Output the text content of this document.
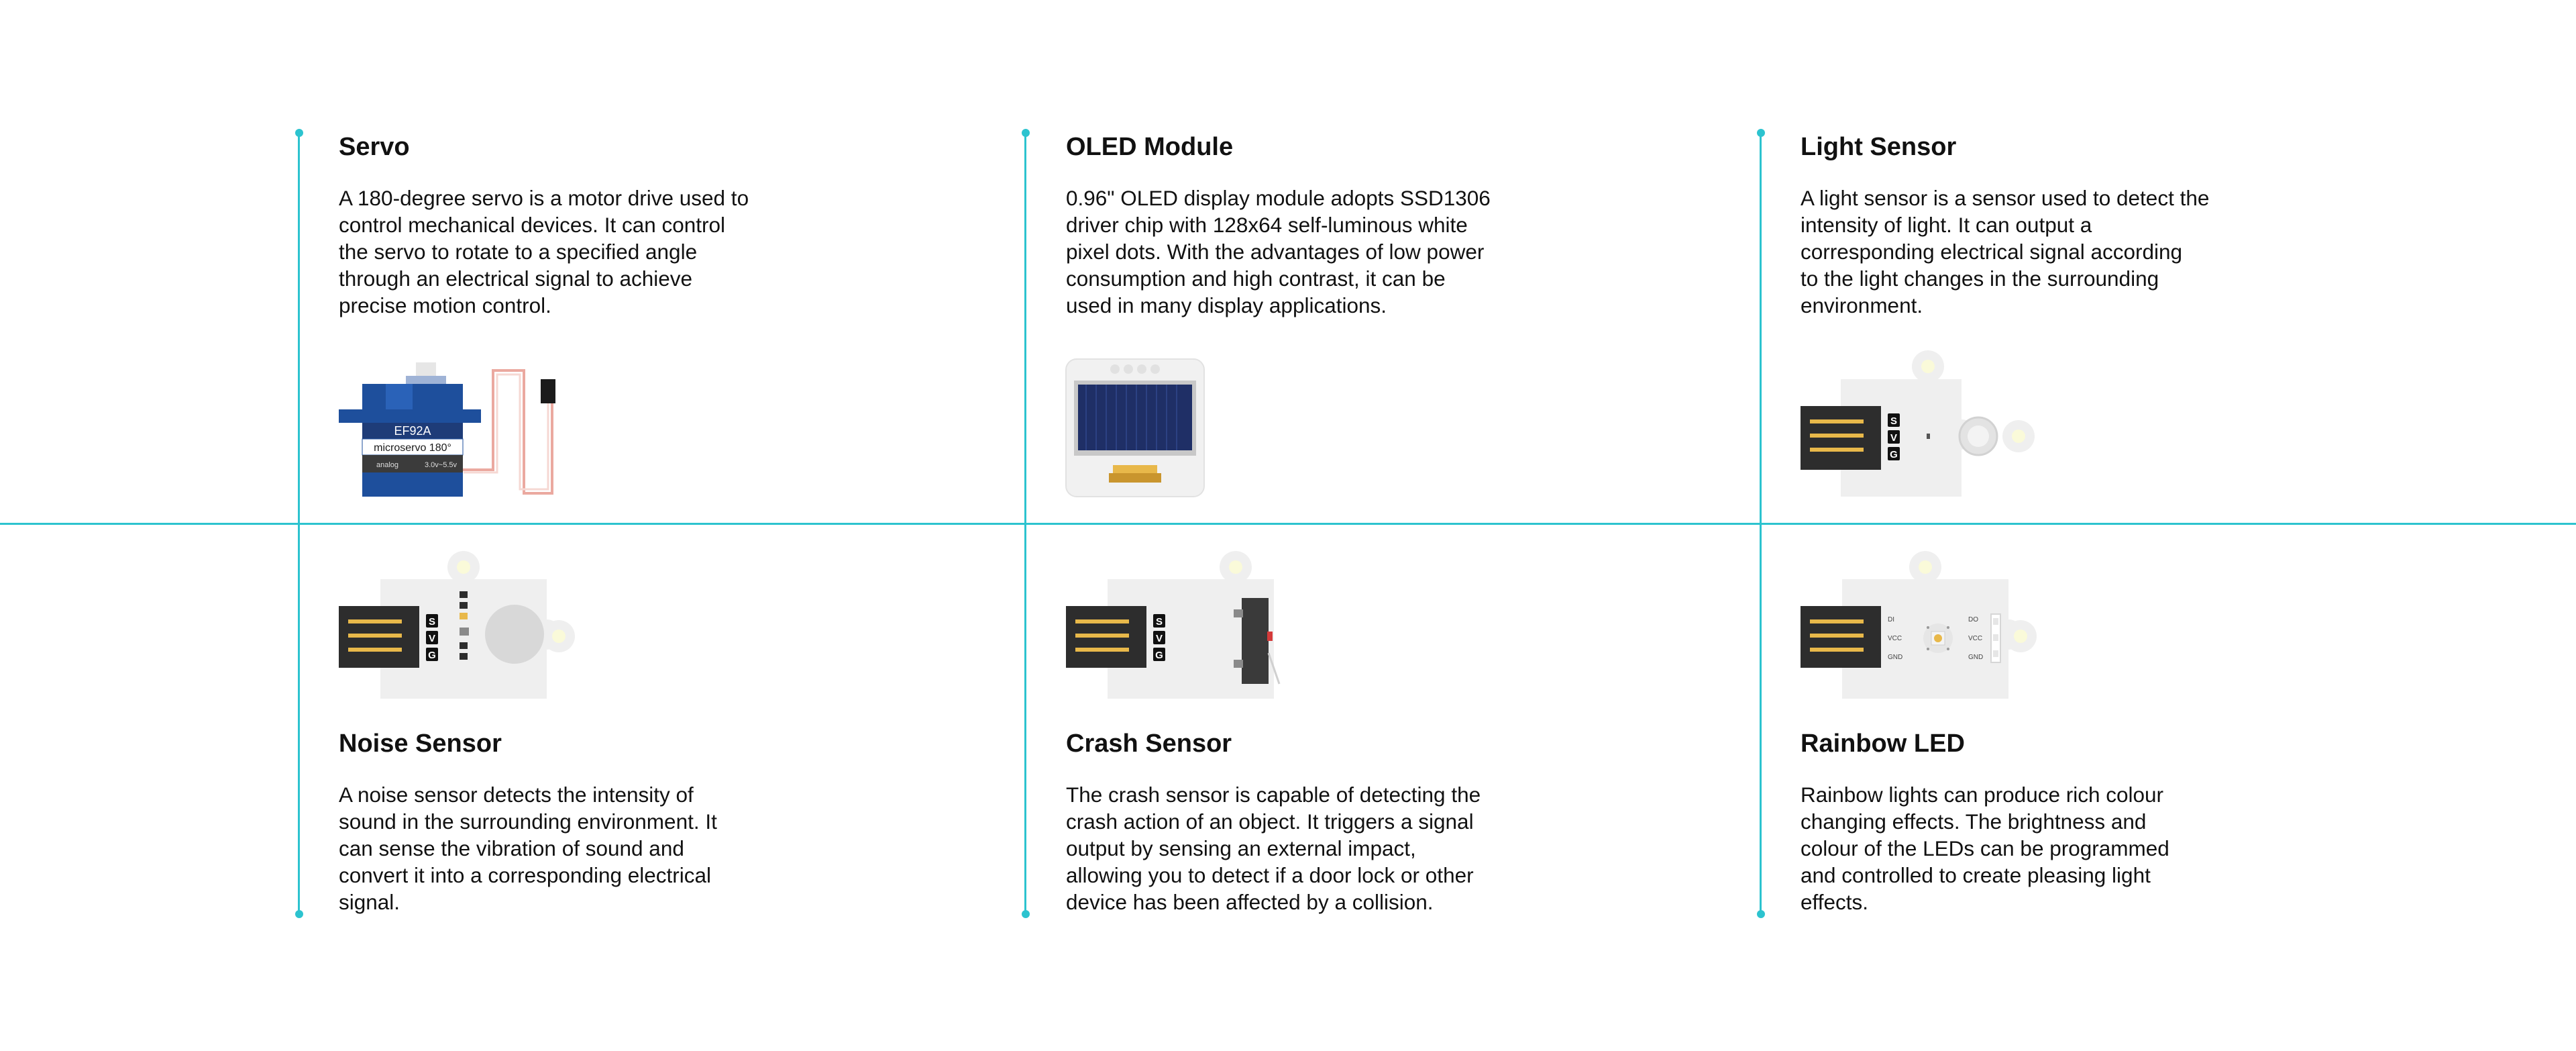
Servo
A 180-degree servo is a motor drive used to
control mechanical devices. It can control
the servo to rotate to a specified angle
through an electrical signal to achieve
precise motion control.
EF92A
microservo 180°
analog	3.0v~5.5v
OLED Module
0.96" OLED display module adopts SSD1306
driver chip with 128x64 self-luminous white
pixel dots. With the advantages of low power
consumption and high contrast, it can be
used in many display applications.
Light Sensor
A light sensor is a sensor used to detect the
intensity of light. It can output a
corresponding electrical signal according
to the light changes in the surrounding
environment.
S
V
G
S
V
G
Noise Sensor
A noise sensor detects the intensity of
sound in the surrounding environment. It
can sense the vibration of sound and
convert it into a corresponding electrical
signal.
S
V
G
Crash Sensor
The crash sensor is capable of detecting the
crash action of an object. It triggers a signal
output by sensing an external impact,
allowing you to detect if a door lock or other
device has been affected by a collision.
DI
VCC
GND
DO
VCC
GND
Rainbow LED
Rainbow lights can produce rich colour
changing effects. The brightness and
colour of the LEDs can be programmed
and controlled to create pleasing light
effects.
